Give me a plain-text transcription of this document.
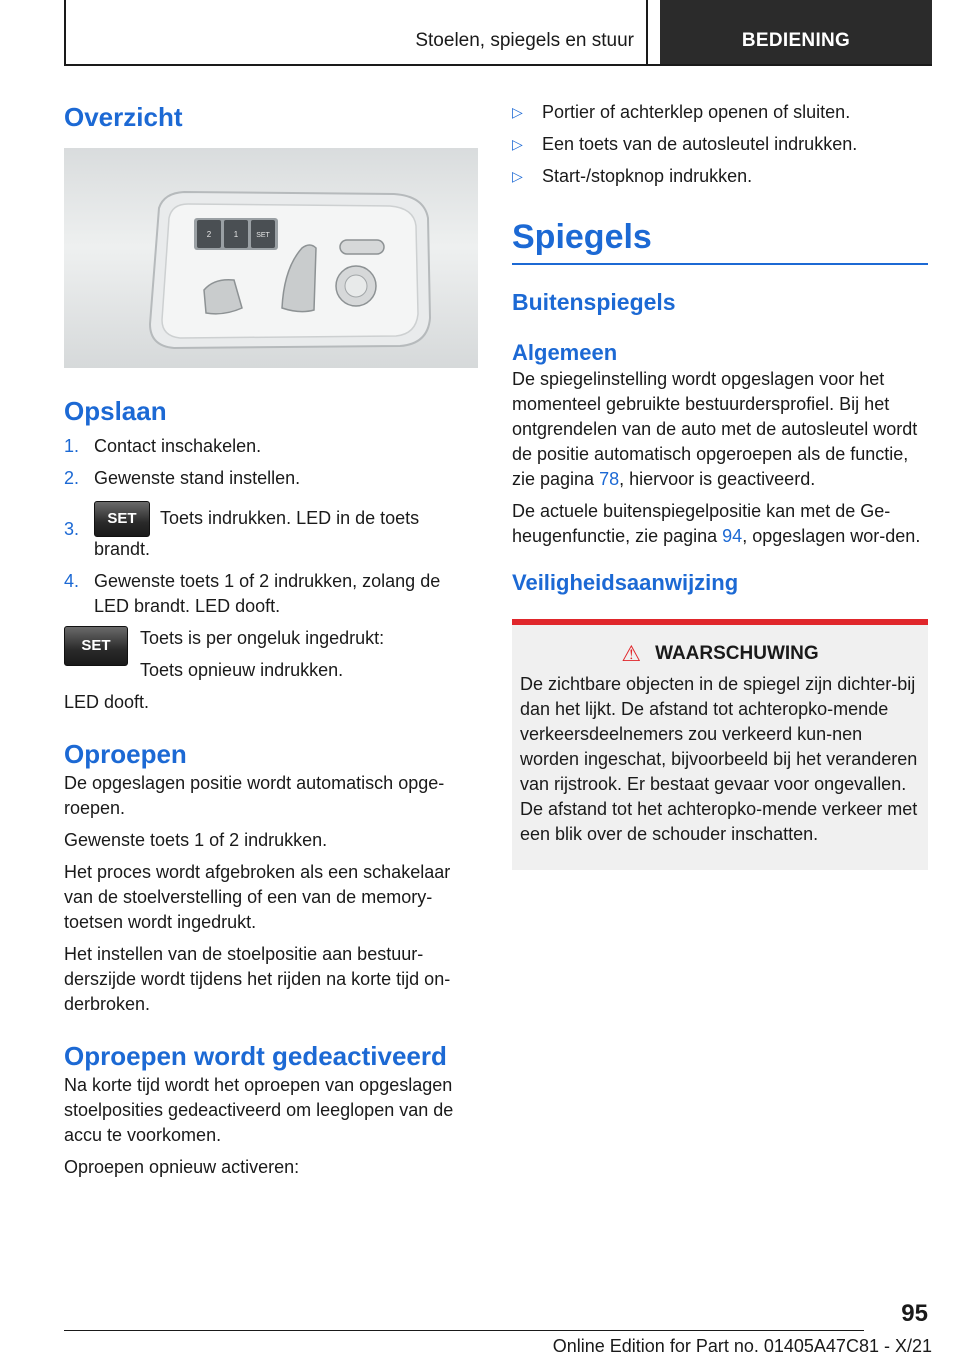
Stoelen, spiegels en stuur	BEDIENING
Overzicht
2	1	SET
Opslaan
1. Contact inschakelen.
2. Gewenste stand instellen.
3.
SET Toets indrukken. LED in de toets brandt.
4. Gewenste toets 1 of 2 indrukken, zolang de LED brandt. LED dooft.
SET	Toets is per ongeluk ingedrukt:

Toets opnieuw indrukken.

LED dooft.

Oproepen

De opgeslagen positie wordt automatisch opge-roepen.

Gewenste toets 1 of 2 indrukken.

Het proces wordt afgebroken als een schakelaar van de stoelverstelling of een van de memory-toetsen wordt ingedrukt.

Het instellen van de stoelpositie aan bestuur-derszijde wordt tijdens het rijden na korte tijd on-derbroken.

Oproepen wordt gedeactiveerd

Na korte tijd wordt het oproepen van opgeslagen stoelposities gedeactiveerd om leeglopen van de accu te voorkomen.

Oproepen opnieuw activeren:

▷ Portier of achterklep openen of sluiten.
▷ Een toets van de autosleutel indrukken.
▷ Start-/stopknop indrukken.
Spiegels
Buitenspiegels
Algemeen

De spiegelinstelling wordt opgeslagen voor het momenteel gebruikte bestuurdersprofiel. Bij het ontgrendelen van de auto met de autosleutel wordt de positie automatisch opgeroepen als de functie, zie pagina 78, hiervoor is geactiveerd.

De actuele buitenspiegelpositie kan met de Ge-heugenfunctie, zie pagina 94, opgeslagen wor-den.

Veiligheidsaanwijzing
⚠ WAARSCHUWING

De zichtbare objecten in de spiegel zijn dichter-bij dan het lijkt. De afstand tot achteropko-mende verkeersdeelnemers zou verkeerd kun-nen worden ingeschat, bijvoorbeeld bij het veranderen van rijstrook. Er bestaat gevaar voor ongevallen. De afstand tot het achteropko-mende verkeer met een blik over de schouder inschatten.

95
Online Edition for Part no. 01405A47C81 - X/21
